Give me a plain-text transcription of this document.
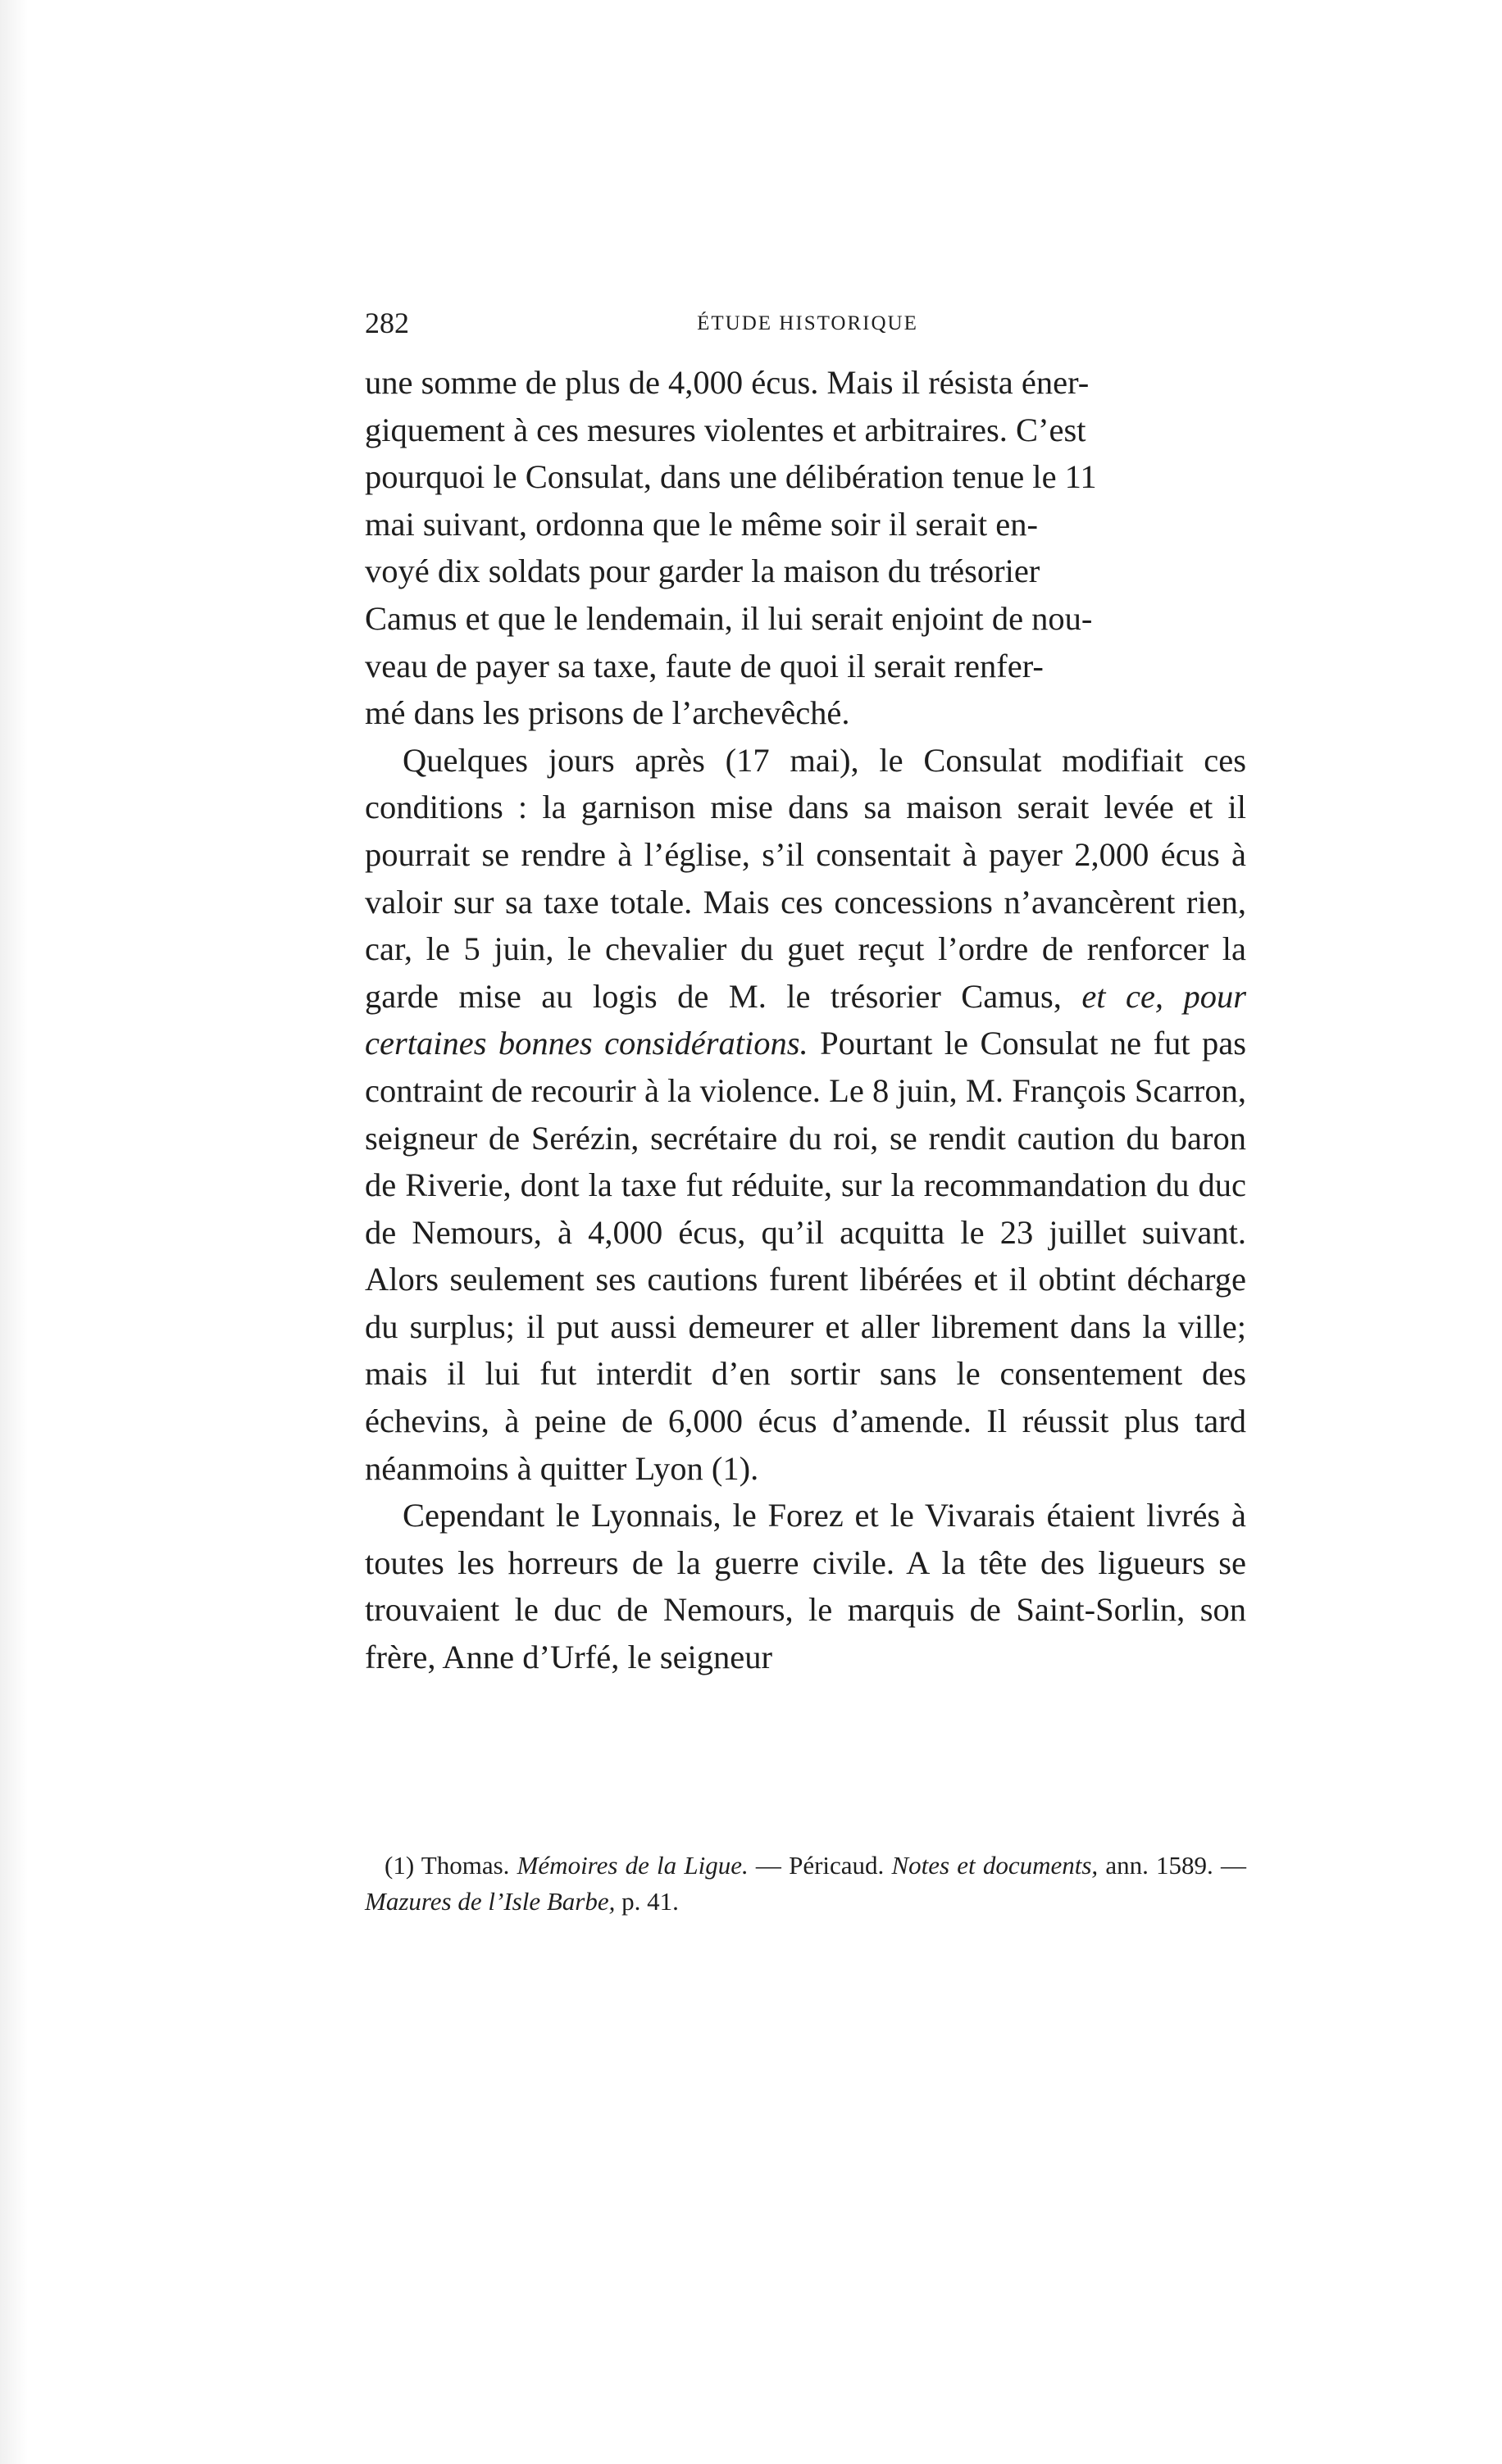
282	ÉTUDE HISTORIQUE

une somme de plus de 4,000 écus. Mais il résista éner-
giquement à ces mesures violentes et arbitraires. C’est
pourquoi le Consulat, dans une délibération tenue le 11
mai suivant, ordonna que le même soir il serait en-
voyé dix soldats pour garder la maison du trésorier
Camus et que le lendemain, il lui serait enjoint de nou-
veau de payer sa taxe, faute de quoi il serait renfer-
mé dans les prisons de l’archevêché.

Quelques jours après (17 mai), le Consulat modifiait ces conditions : la garnison mise dans sa maison serait levée et il pourrait se rendre à l’église, s’il consentait à payer 2,000 écus à valoir sur sa taxe totale. Mais ces concessions n’avancèrent rien, car, le 5 juin, le chevalier du guet reçut l’ordre de renforcer la garde mise au logis de M. le trésorier Camus, et ce, pour certaines bonnes considérations. Pourtant le Consulat ne fut pas contraint de recourir à la violence. Le 8 juin, M. François Scarron, seigneur de Serézin, secrétaire du roi, se rendit caution du baron de Riverie, dont la taxe fut réduite, sur la recommandation du duc de Nemours, à 4,000 écus, qu’il acquitta le 23 juillet suivant. Alors seulement ses cautions furent libérées et il obtint décharge du surplus; il put aussi demeurer et aller librement dans la ville; mais il lui fut interdit d’en sortir sans le consentement des échevins, à peine de 6,000 écus d’amende. Il réussit plus tard néanmoins à quitter Lyon (1).

Cependant le Lyonnais, le Forez et le Vivarais étaient livrés à toutes les horreurs de la guerre civile. A la tête des ligueurs se trouvaient le duc de Nemours, le marquis de Saint-Sorlin, son frère, Anne d’Urfé, le seigneur

(1) Thomas. Mémoires de la Ligue. — Péricaud. Notes et documents, ann. 1589. — Mazures de l’Isle Barbe, p. 41.
